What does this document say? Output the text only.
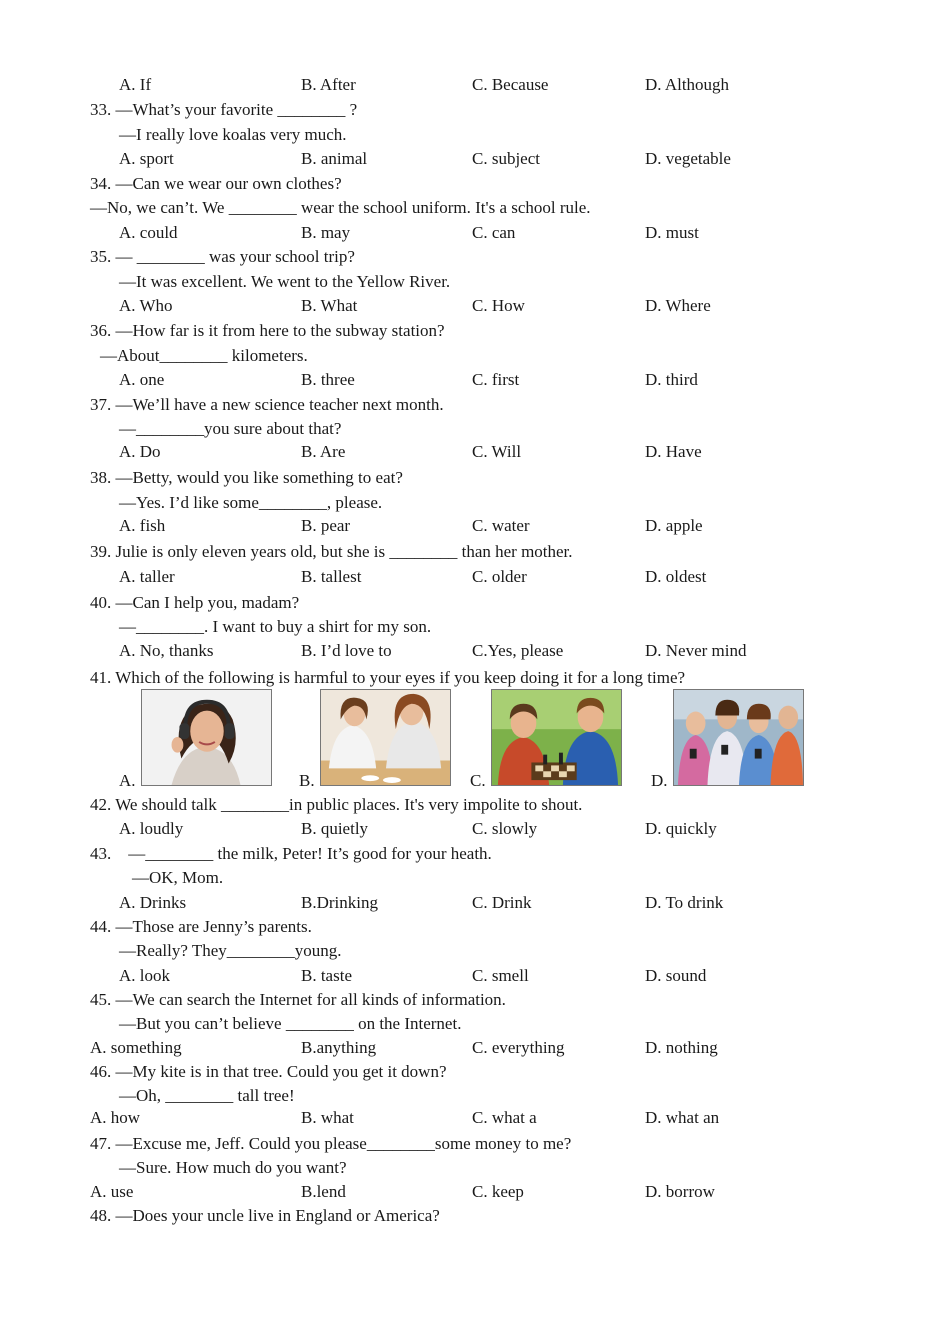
A.	B.	C.	D.
A. If	B. After	C. Because	D. Although
33. —What’s your favorite ________ ?
—I really love koalas very much.
A. sport	B. animal	C. subject	D. vegetable
34. —Can we wear our own clothes?
—No, we can’t. We ________ wear the school uniform. It's a school rule.
A. could	B. may	C. can	D. must
35. — ________ was your school trip?
—It was excellent. We went to the Yellow River.
A. Who	B. What	C. How	D. Where
36. —How far is it from here to the subway station?
—About________ kilometers.
A. one	B. three	C. first	D. third
37. —We’ll have a new science teacher next month.
—________you sure about that?
A. Do	B. Are	C. Will	D. Have
38. —Betty, would you like something to eat?
—Yes. I’d like some________, please.
A. fish	B. pear	C. water	D. apple
39. Julie is only eleven years old, but she is ________ than her mother.
A. taller	B. tallest	C. older	D. oldest
40. —Can I help you, madam?
—________. I want to buy a shirt for my son.
A. No, thanks	B. I’d love to	C.Yes, please	D. Never mind
41. Which of the following is harmful to your eyes if you keep doing it for a long time?
42. We should talk ________in public places. It's very impolite to shout.
A. loudly	B. quietly	C. slowly	D. quickly
43.    —________ the milk, Peter! It’s good for your heath.
—OK, Mom.
A. Drinks	B.Drinking	C. Drink	D. To drink
44. —Those are Jenny’s parents.
—Really? They________young.
A. look	B. taste	C. smell	D. sound
45. —We can search the Internet for all kinds of information.
—But you can’t believe ________ on the Internet.
A. something	B.anything	C. everything	D. nothing
46. —My kite is in that tree. Could you get it down?
—Oh, ________ tall tree!
A. how	B. what	C. what a	D. what an
47. —Excuse me, Jeff. Could you please________some money to me?
—Sure. How much do you want?
A. use	B.lend	C. keep	D. borrow
48. —Does your uncle live in England or America?
